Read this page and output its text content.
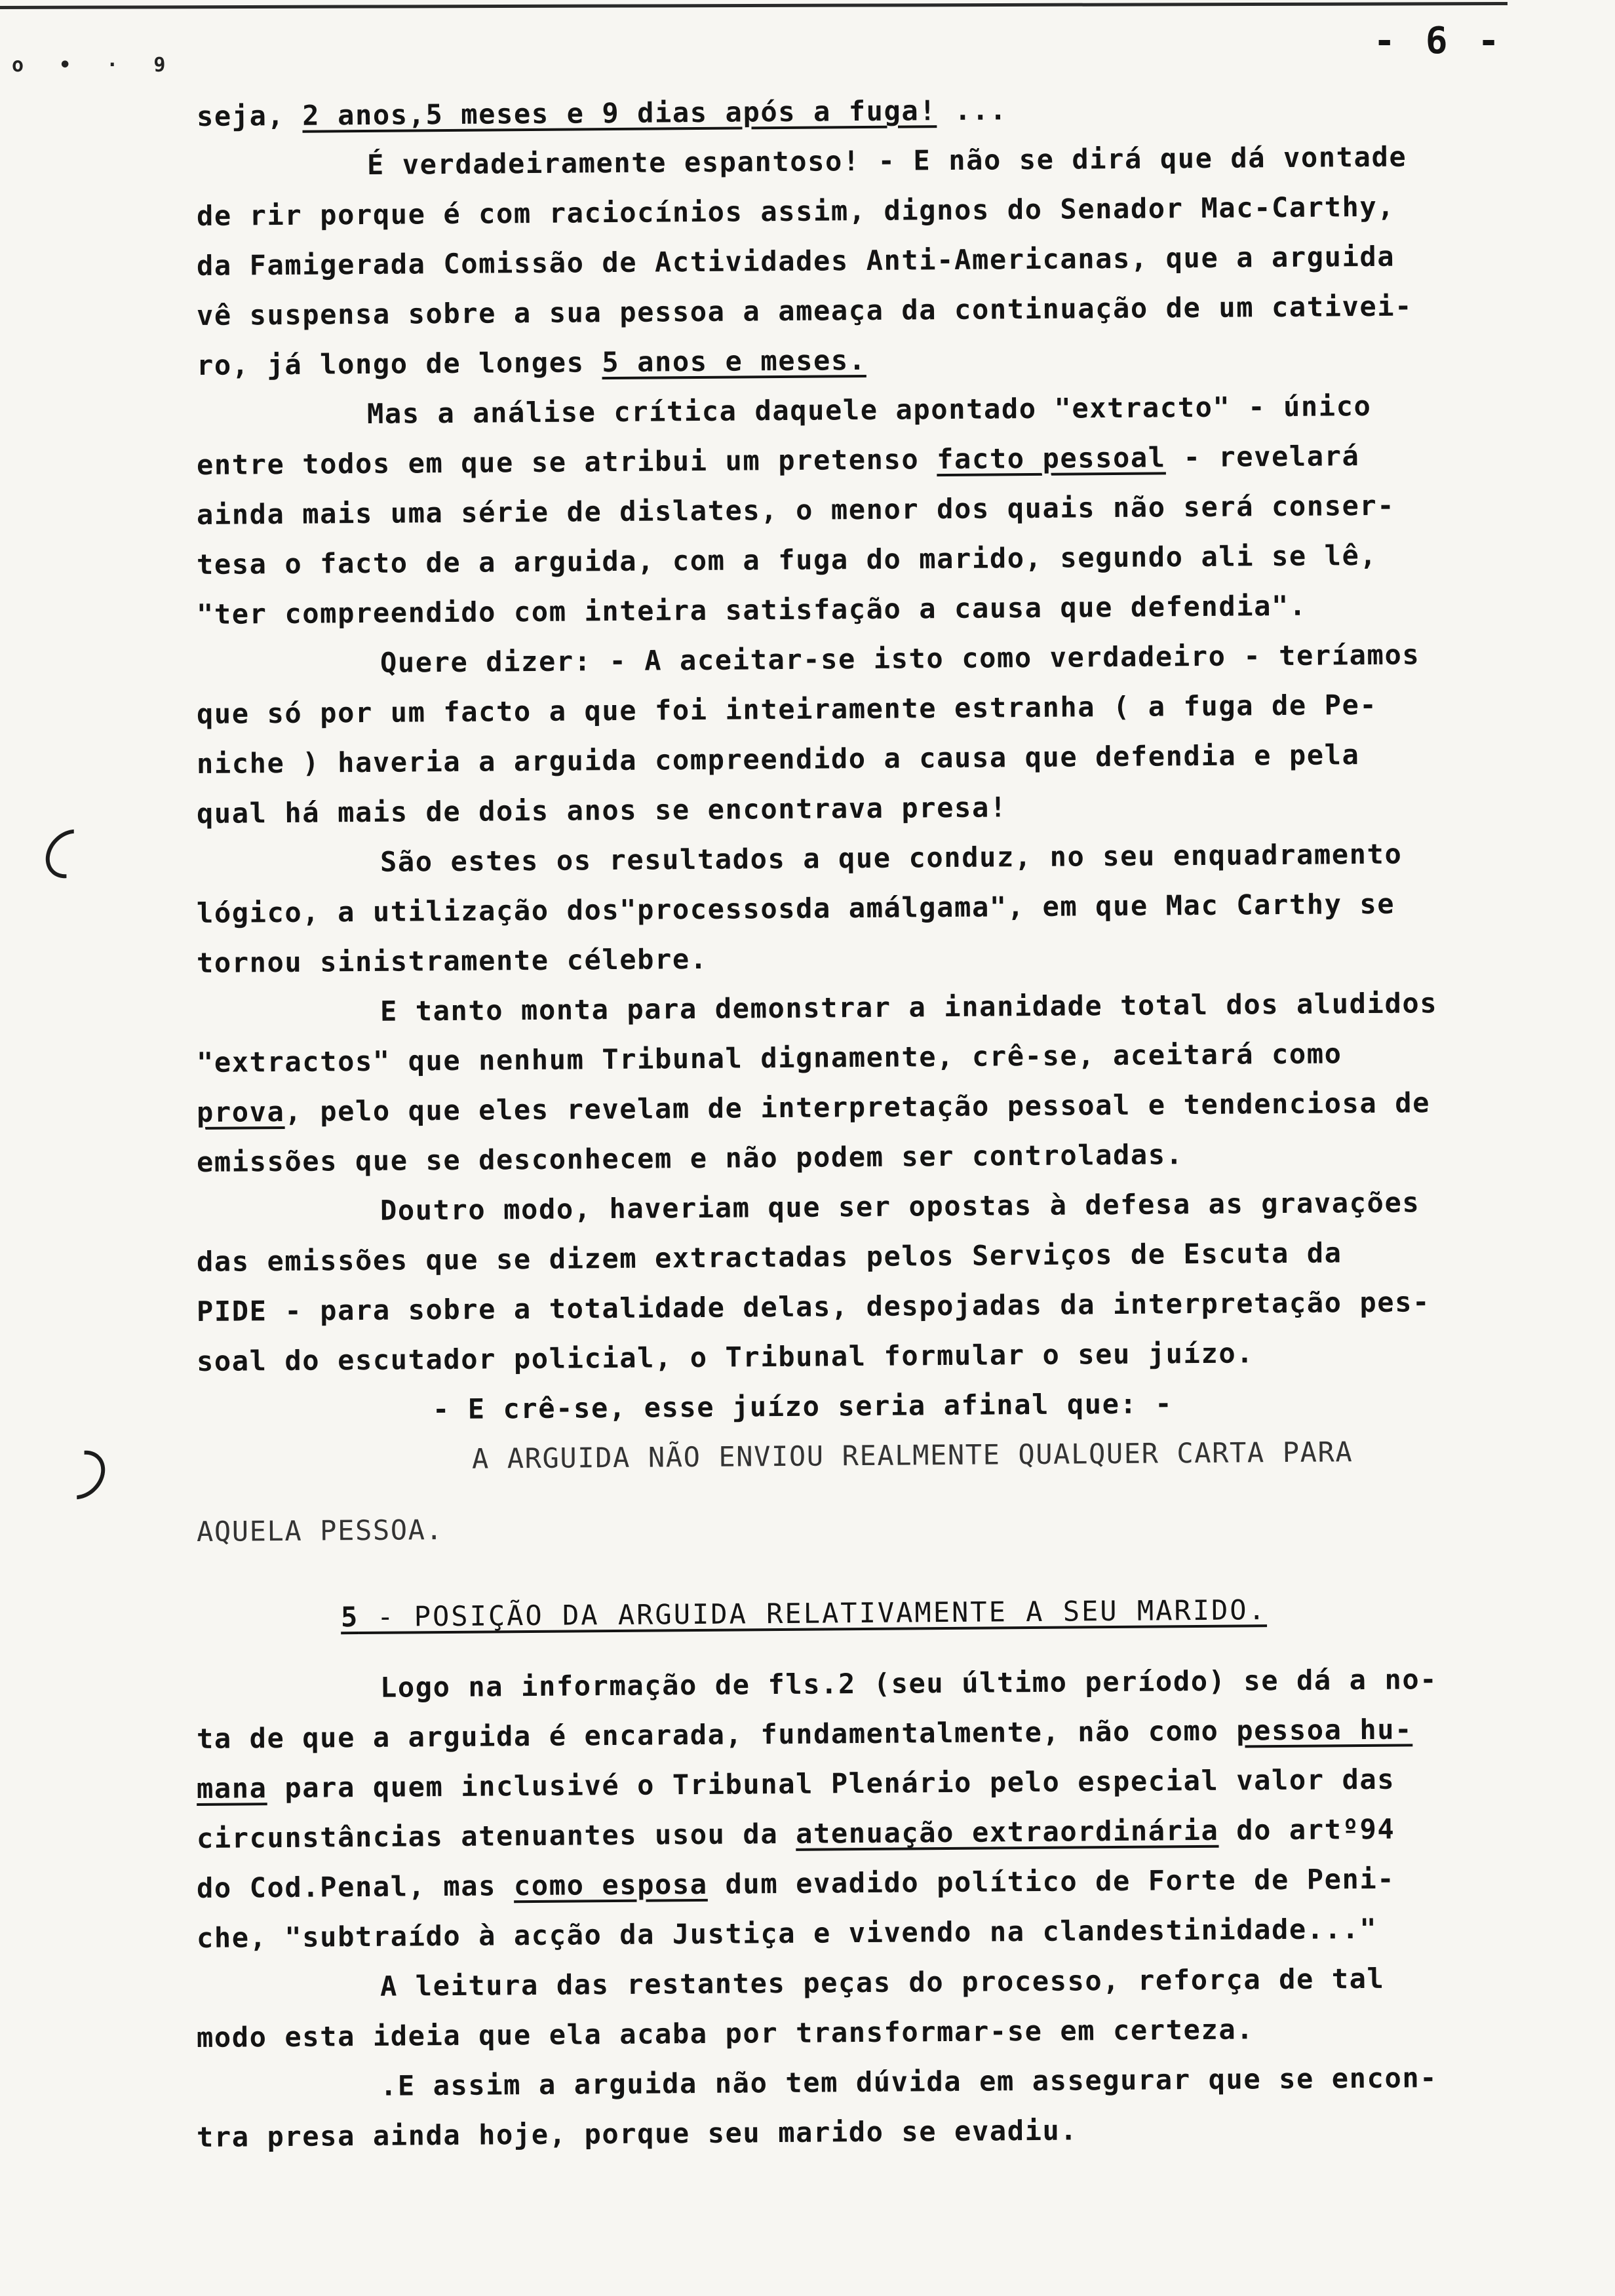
o • · 9
- 6 -
seja, 2 anos,5 meses e 9 dias após a fuga! ...
É verdadeiramente espantoso! - E não se dirá que dá vontade
de rir porque é com raciocínios assim, dignos do Senador Mac-Carthy,
da Famigerada Comissão de Actividades Anti-Americanas, que a arguida
vê suspensa sobre a sua pessoa a ameaça da continuação de um cativei-
ro, já longo de longes 5 anos e meses.
Mas a análise crítica daquele apontado "extracto" - único
entre todos em que se atribui um pretenso facto pessoal - revelará
ainda mais uma série de dislates, o menor dos quais não será conser-
tesa o facto de a arguida, com a fuga do marido, segundo ali se lê,
"ter compreendido com inteira satisfação a causa que defendia".
Quere dizer: - A aceitar-se isto como verdadeiro - teríamos
que só por um facto a que foi inteiramente estranha ( a fuga de Pe-
niche ) haveria a arguida compreendido a causa que defendia e pela
qual há mais de dois anos se encontrava presa!
São estes os resultados a que conduz, no seu enquadramento
lógico, a utilização dos"processosda amálgama", em que Mac Carthy se
tornou sinistramente célebre.
E tanto monta para demonstrar a inanidade total dos aludidos
"extractos" que nenhum Tribunal dignamente, crê-se, aceitará como
prova, pelo que eles revelam de interpretação pessoal e tendenciosa de
emissões que se desconhecem e não podem ser controladas.
Doutro modo, haveriam que ser opostas à defesa as gravações
das emissões que se dizem extractadas pelos Serviços de Escuta da
PIDE - para sobre a totalidade delas, despojadas da interpretação pes-
soal do escutador policial, o Tribunal formular o seu juízo.
- E crê-se, esse juízo seria afinal que: -
A ARGUIDA NÃO ENVIOU REALMENTE QUALQUER CARTA PARA
AQUELA PESSOA.
5 - POSIÇÃO DA ARGUIDA RELATIVAMENTE A SEU MARIDO.
Logo na informação de fls.2 (seu último período) se dá a no-
ta de que a arguida é encarada, fundamentalmente, não como pessoa hu-
mana para quem inclusivé o Tribunal Plenário pelo especial valor das
circunstâncias atenuantes usou da atenuação extraordinária do artº94
do Cod.Penal, mas como esposa dum evadido político de Forte de Peni-
che, "subtraído à acção da Justiça e vivendo na clandestinidade..."
A leitura das restantes peças do processo, reforça de tal
modo esta ideia que ela acaba por transformar-se em certeza.
.E assim a arguida não tem dúvida em assegurar que se encon-
tra presa ainda hoje, porque seu marido se evadiu.
